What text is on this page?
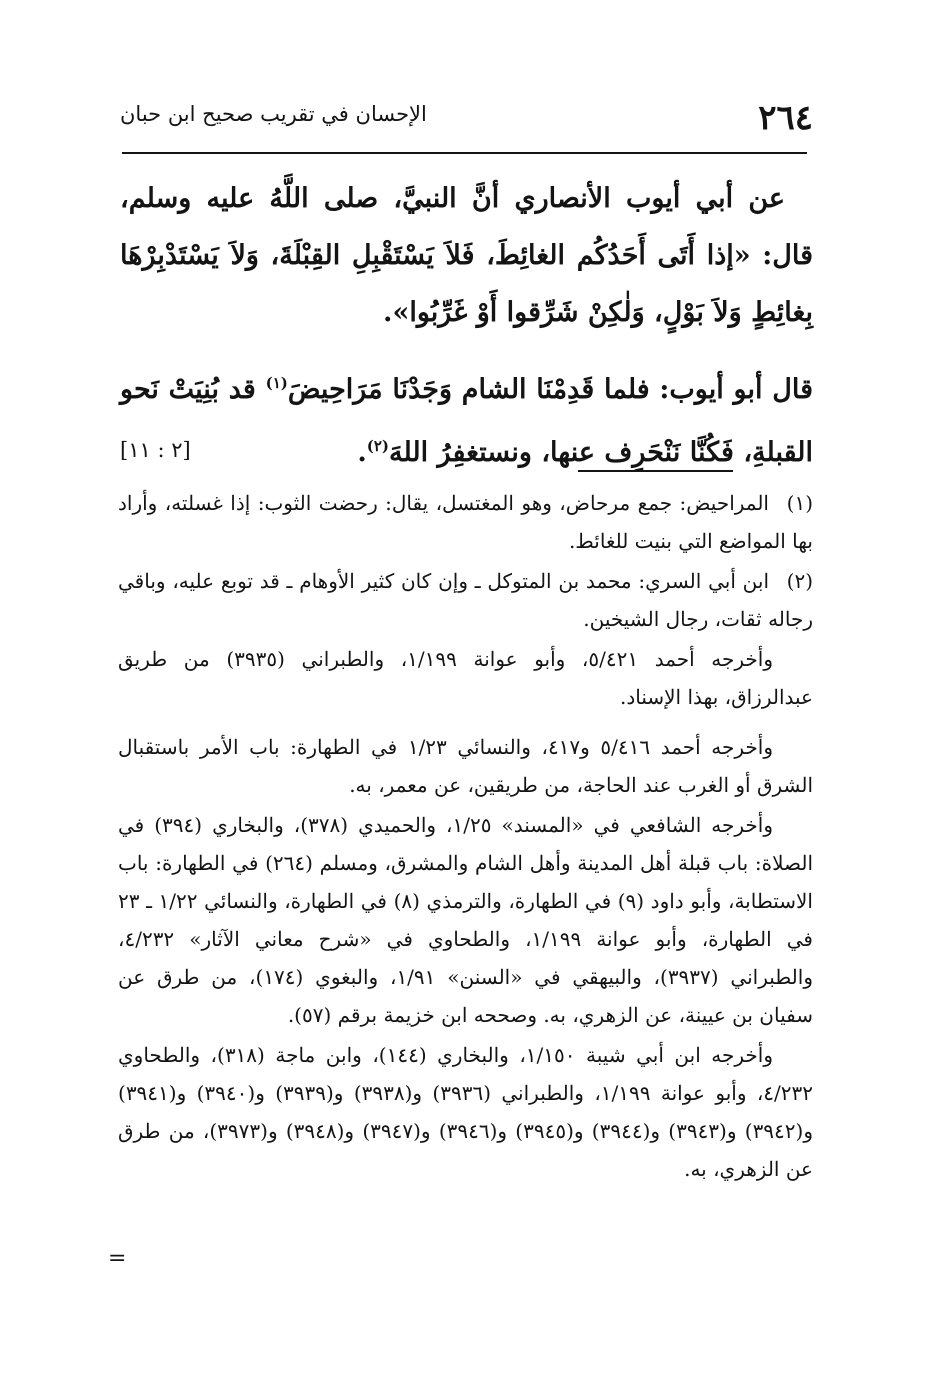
٢٦٤
الإحسان في تقريب صحيح ابن حبان

عن أبي أيوب الأنصاري أنَّ النبيَّ، صلى اللَّهُ عليه وسلم، قال: «إذا أَتَى أَحَدُكُم الغائِطَ، فَلاَ يَسْتَقْبِلِ القِبْلَةَ، وَلاَ يَسْتَدْبِرْهَا بِغائِطٍ وَلاَ بَوْلٍ، وَلٰكِنْ شَرِّقوا أَوْ غَرِّبُوا».

قال أبو أيوب: فلما قَدِمْنَا الشام وَجَدْنَا مَرَاحِيضَ$^{(١)}$ قد بُنِيَتْ نَحو القبلةِ، فَكُنَّا نَنْحَرِف عنها، ونستغفِرُ اللهَ$^{(٢)}$.
[٢ : ١١]

(١)المراحيض: جمع مرحاض، وهو المغتسل، يقال: رحضت الثوب: إذا غسلته، وأراد بها المواضع التي بنيت للغائط.

(٢)ابن أبي السري: محمد بن المتوكل ـ وإن كان كثير الأوهام ـ قد توبع عليه، وباقي رجاله ثقات، رجال الشيخين.

وأخرجه أحمد ٥/٤٢١، وأبو عوانة ١/١٩٩، والطبراني (٣٩٣٥) من طريق عبدالرزاق، بهذا الإسناد.

وأخرجه أحمد ٥/٤١٦ و٤١٧، والنسائي ١/٢٣ في الطهارة: باب الأمر باستقبال الشرق أو الغرب عند الحاجة، من طريقين، عن معمر، به.

وأخرجه الشافعي في «المسند» ١/٢٥، والحميدي (٣٧٨)، والبخاري (٣٩٤) في الصلاة: باب قبلة أهل المدينة وأهل الشام والمشرق، ومسلم (٢٦٤) في الطهارة: باب الاستطابة، وأبو داود (٩) في الطهارة، والترمذي (٨) في الطهارة، والنسائي ١/٢٢ ـ ٢٣ في الطهارة، وأبو عوانة ١/١٩٩، والطحاوي في «شرح معاني الآثار» ٤/٢٣٢، والطبراني (٣٩٣٧)، والبيهقي في «السنن» ١/٩١، والبغوي (١٧٤)، من طرق عن سفيان بن عيينة، عن الزهري، به. وصححه ابن خزيمة برقم (٥٧).

وأخرجه ابن أبي شيبة ١/١٥٠، والبخاري (١٤٤)، وابن ماجة (٣١٨)، والطحاوي ٤/٢٣٢، وأبو عوانة ١/١٩٩، والطبراني (٣٩٣٦) و(٣٩٣٨) و(٣٩٣٩) و(٣٩٤٠) و(٣٩٤١) و(٣٩٤٢) و(٣٩٤٣) و(٣٩٤٤) و(٣٩٤٥) و(٣٩٤٦) و(٣٩٤٧) و(٣٩٤٨) و(٣٩٧٣)، من طرق عن الزهري، به.

=
